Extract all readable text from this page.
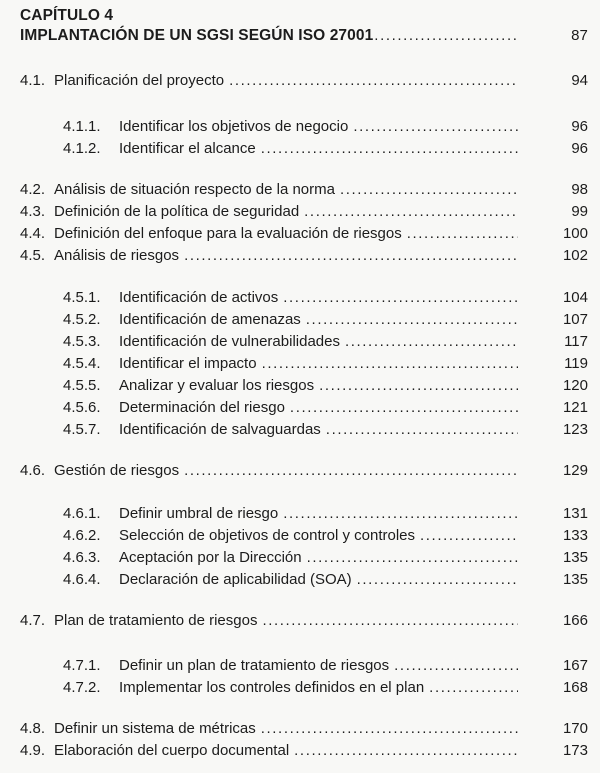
CAPÍTULO 4
IMPLANTACIÓN DE UN SGSI SEGÚN ISO 27001 .....	87
4.1. Planificación del proyecto .....	94
4.1.1.	Identificar los objetivos de negocio .....	96
4.1.2.	Identificar el alcance .....	96
4.2. Análisis de situación respecto de la norma .....	98
4.3. Definición de la política de seguridad .....	99
4.4. Definición del enfoque para la evaluación de riesgos .....	100
4.5. Análisis de riesgos .....	102
4.5.1.	Identificación de activos .....	104
4.5.2.	Identificación de amenazas .....	107
4.5.3.	Identificación de vulnerabilidades .....	117
4.5.4.	Identificar el impacto .....	119
4.5.5.	Analizar y evaluar los riesgos .....	120
4.5.6.	Determinación del riesgo .....	121
4.5.7.	Identificación de salvaguardas .....	123
4.6. Gestión de riesgos .....	129
4.6.1.	Definir umbral de riesgo .....	131
4.6.2.	Selección de objetivos de control y controles .....	133
4.6.3.	Aceptación por la Dirección .....	135
4.6.4.	Declaración de aplicabilidad (SOA) .....	135
4.7. Plan de tratamiento de riesgos .....	166
4.7.1.	Definir un plan de tratamiento de riesgos .....	167
4.7.2.	Implementar los controles definidos en el plan .....	168
4.8. Definir un sistema de métricas .....	170
4.9. Elaboración del cuerpo documental .....	173
